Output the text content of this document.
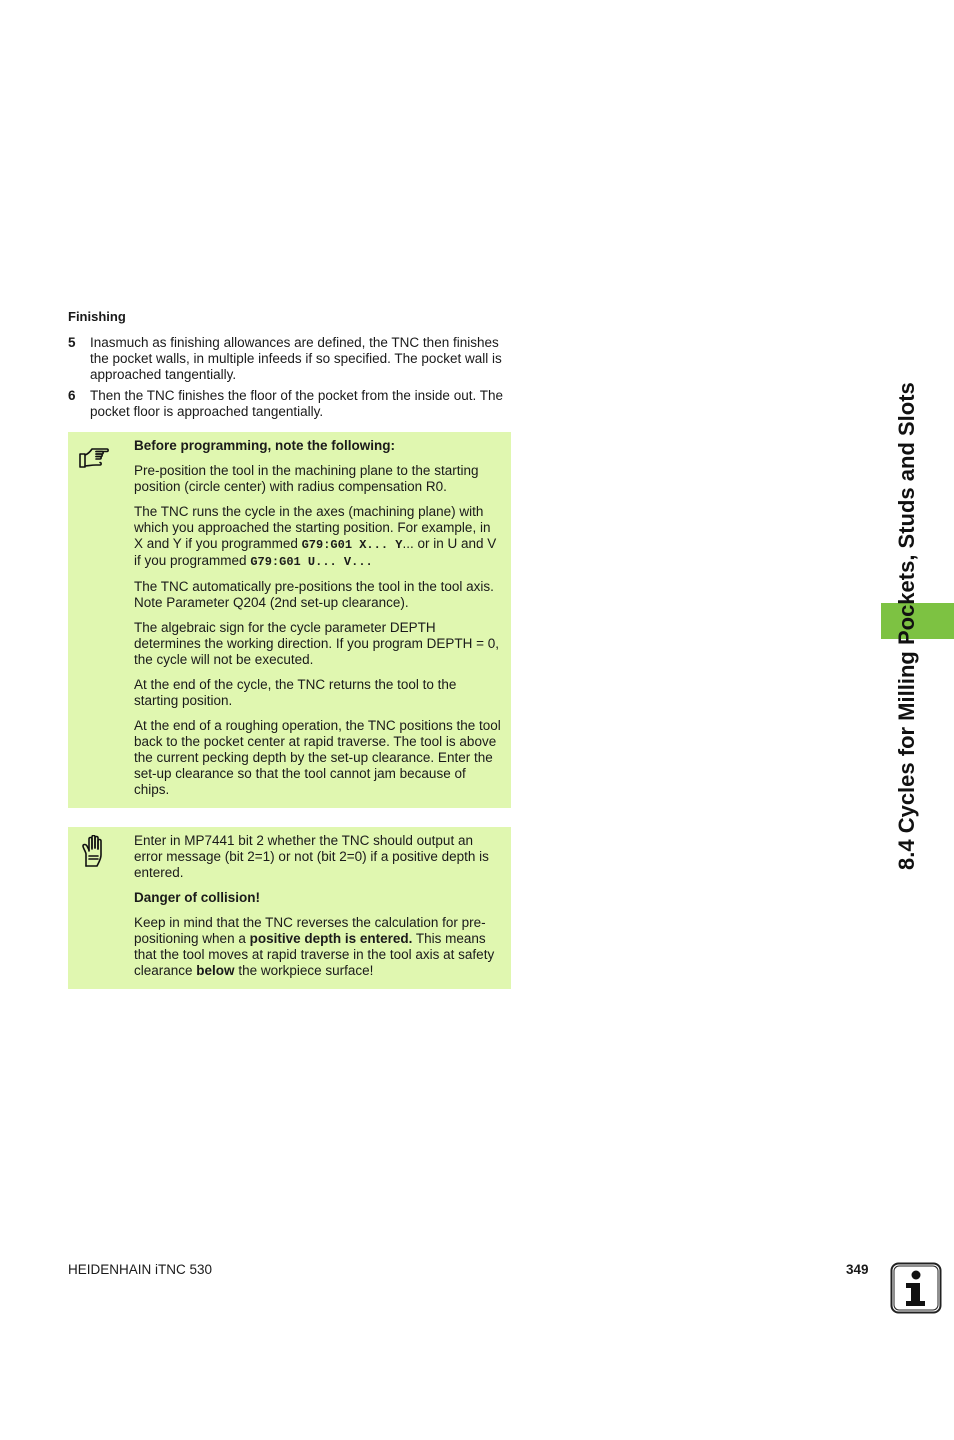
Finishing
5	Inasmuch as finishing allowances are defined, the TNC then finishes the pocket walls, in multiple infeeds if so specified. The pocket wall is approached tangentially.
6	Then the TNC finishes the floor of the pocket from the inside out. The pocket floor is approached tangentially.

Before programming, note the following:

Pre-position the tool in the machining plane to the starting position (circle center) with radius compensation R0.

The TNC runs the cycle in the axes (machining plane) with which you approached the starting position. For example, in X and Y if you programmed G79:G01 X... Y... or in U and V if you programmed G79:G01 U... V...

The TNC automatically pre-positions the tool in the tool axis. Note Parameter Q204 (2nd set-up clearance).

The algebraic sign for the cycle parameter DEPTH determines the working direction. If you program DEPTH = 0, the cycle will not be executed.

At the end of the cycle, the TNC returns the tool to the starting position.

At the end of a roughing operation, the TNC positions the tool back to the pocket center at rapid traverse. The tool is above the current pecking depth by the set-up clearance. Enter the set-up clearance so that the tool cannot jam because of chips.

Enter in MP7441 bit 2 whether the TNC should output an error message (bit 2=1) or not (bit 2=0) if a positive depth is entered.

Danger of collision!

Keep in mind that the TNC reverses the calculation for pre-positioning when a positive depth is entered. This means that the tool moves at rapid traverse in the tool axis at safety clearance below the workpiece surface!

8.4 Cycles for Milling Pockets, Studs and Slots
HEIDENHAIN iTNC 530	349
